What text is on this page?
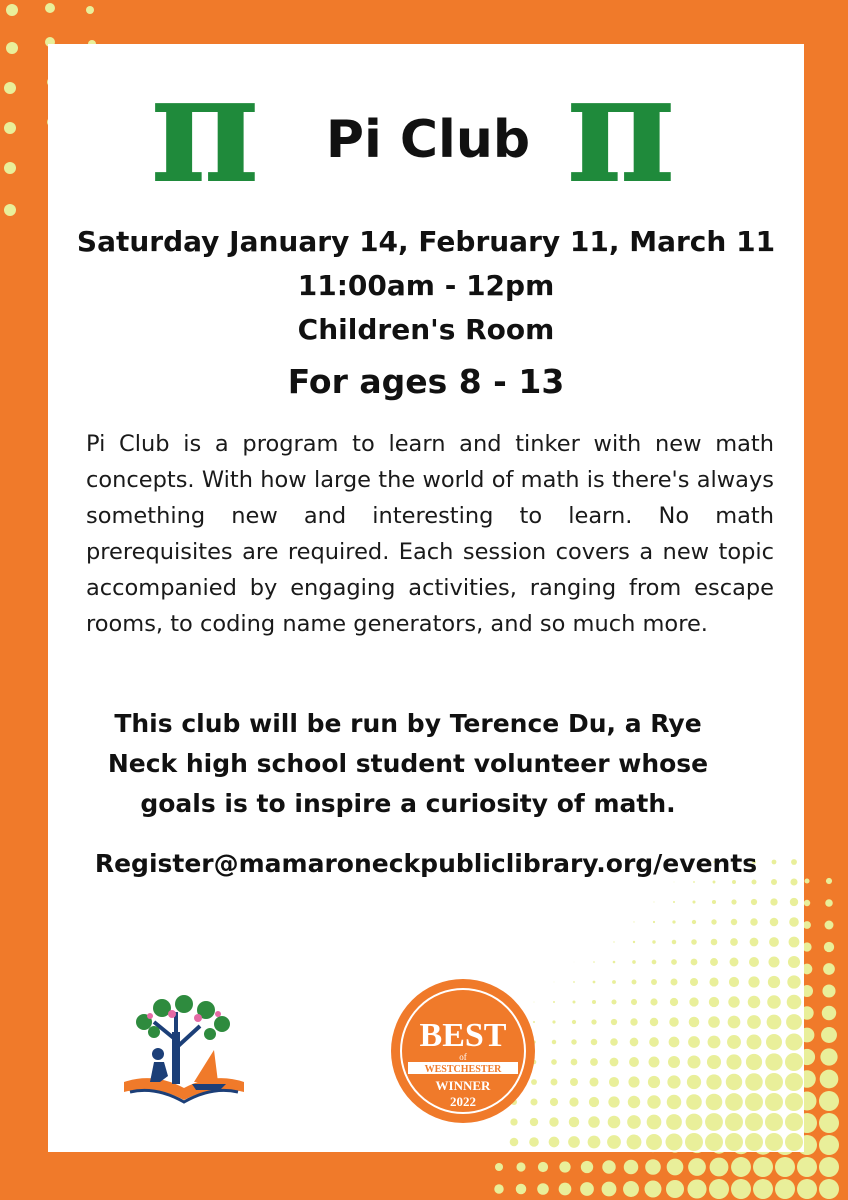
π	Pi Club π
Saturday January 14, February 11, March 11
11:00am - 12pm
Children's Room
For ages 8 - 13
Pi Club is a program to learn and tinker with new math concepts. With how large the world of math is there's always something new and interesting to learn. No math prerequisites are required. Each session covers a new topic accompanied by engaging activities, ranging from escape rooms, to coding name generators, and so much more.
This club will be run by Terence Du, a Rye Neck high school student volunteer whose goals is to inspire a curiosity of math.
Register@mamaroneckpubliclibrary.org/events
BEST
of
WESTCHESTER
WINNER
2022
Westchester Magazine
